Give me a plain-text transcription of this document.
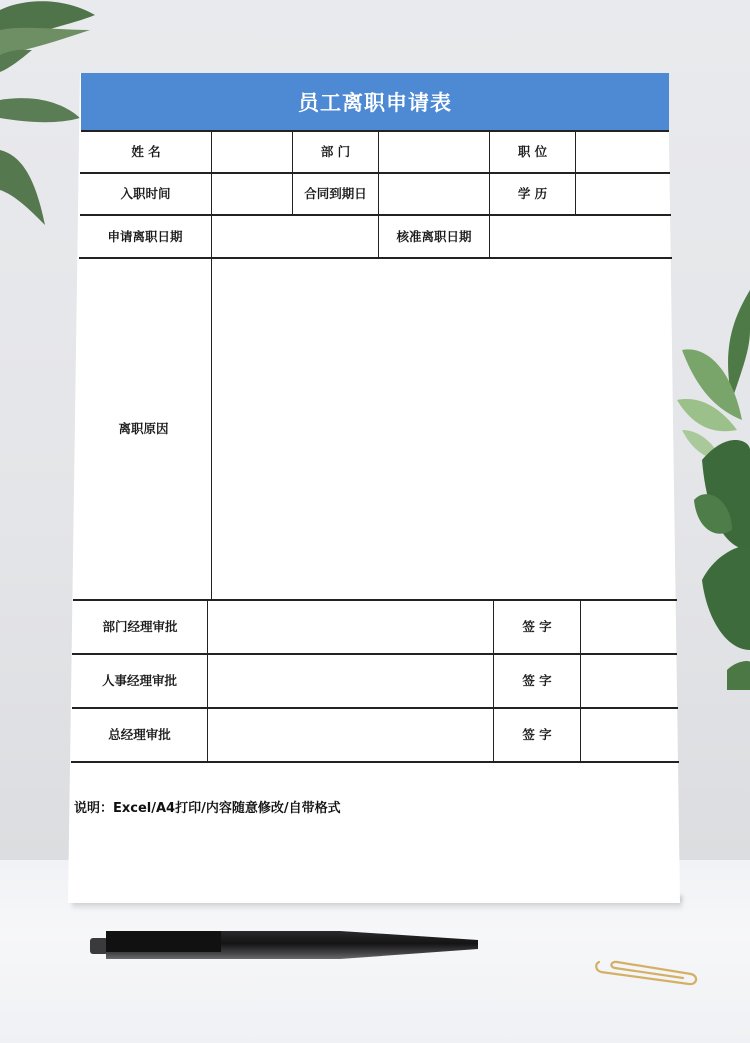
员工离职申请表
姓 名	部 门	职 位
入职时间	合同到期日	学 历
申请离职日期	核准离职日期
离职原因
部门经理审批	签 字
人事经理审批	签 字
总经理审批	签 字
说明：Excel/A4打印/内容随意修改/自带格式
